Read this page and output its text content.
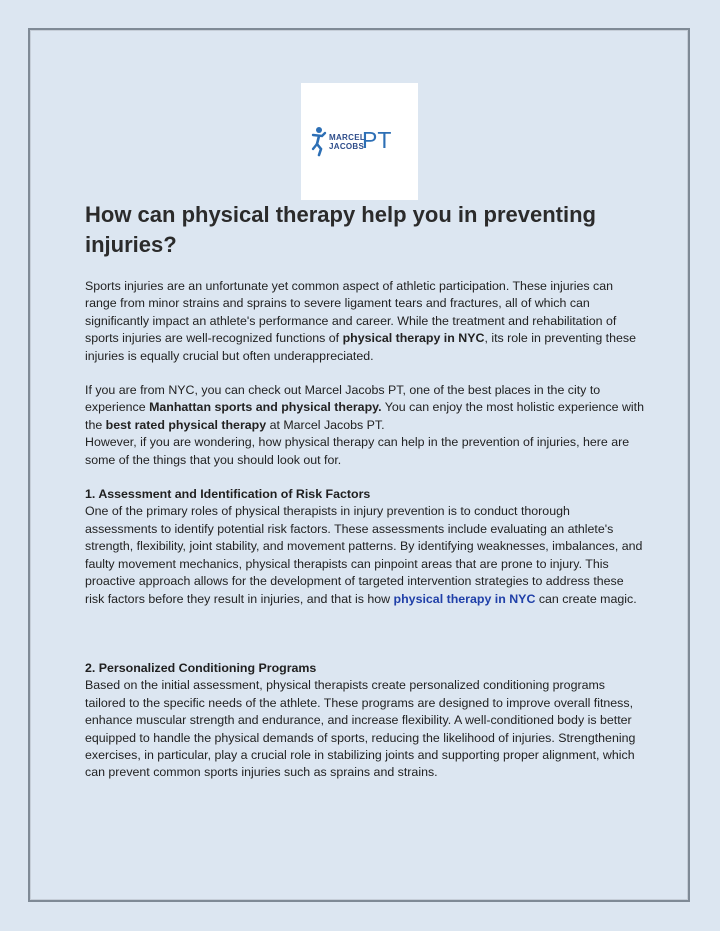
MARCEL
JACOBS
PT
How can physical therapy help you in preventing injuries?

Sports injuries are an unfortunate yet common aspect of athletic participation. These injuries can range from minor strains and sprains to severe ligament tears and fractures, all of which can significantly impact an athlete's performance and career. While the treatment and rehabilitation of sports injuries are well-recognized functions of physical therapy in NYC, its role in preventing these injuries is equally crucial but often underappreciated.

If you are from NYC, you can check out Marcel Jacobs PT, one of the best places in the city to experience Manhattan sports and physical therapy. You can enjoy the most holistic experience with the best rated physical therapy at Marcel Jacobs PT.

However, if you are wondering, how physical therapy can help in the prevention of injuries, here are some of the things that you should look out for.

1. Assessment and Identification of Risk Factors

One of the primary roles of physical therapists in injury prevention is to conduct thorough assessments to identify potential risk factors. These assessments include evaluating an athlete's strength, flexibility, joint stability, and movement patterns. By identifying weaknesses, imbalances, and faulty movement mechanics, physical therapists can pinpoint areas that are prone to injury. This proactive approach allows for the development of targeted intervention strategies to address these risk factors before they result in injuries, and that is how physical therapy in NYC can create magic.

2. Personalized Conditioning Programs

Based on the initial assessment, physical therapists create personalized conditioning programs tailored to the specific needs of the athlete. These programs are designed to improve overall fitness, enhance muscular strength and endurance, and increase flexibility. A well-conditioned body is better equipped to handle the physical demands of sports, reducing the likelihood of injuries. Strengthening exercises, in particular, play a crucial role in stabilizing joints and supporting proper alignment, which can prevent common sports injuries such as sprains and strains.
